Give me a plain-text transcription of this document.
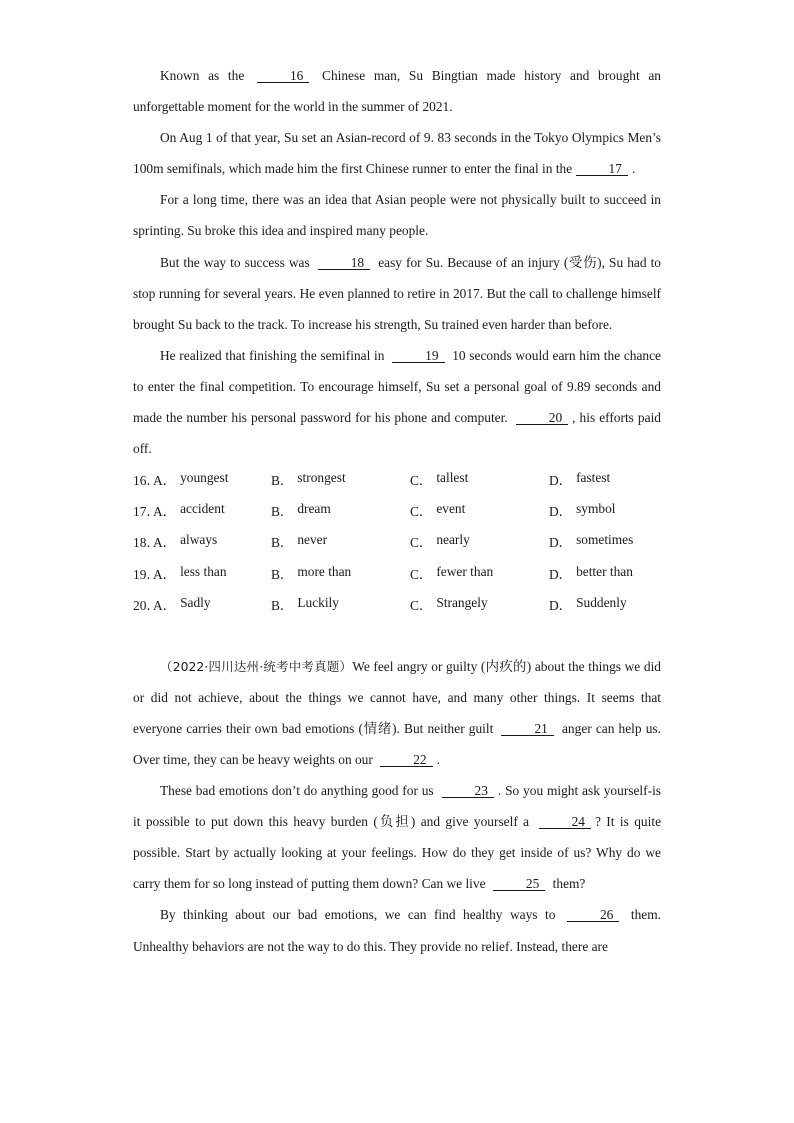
Known as the	16 Chinese man, Su Bingtian made history and brought an unforgettable moment for the world in the summer of 2021.

On Aug 1 of that year, Su set an Asian-record of 9. 83 seconds in the Tokyo Olympics Men’s 100m semifinals, which made him the first Chinese runner to enter the final in the	17 .

For a long time, there was an idea that Asian people were not physically built to succeed in sprinting. Su broke this idea and inspired many people.

But the way to success was	18 easy for Su. Because of an injury (受伤), Su had to stop running for several years. He even planned to retire in 2017. But the call to challenge himself brought Su back to the track. To increase his strength, Su trained even harder than before.

He realized that finishing the semifinal in	19 10 seconds would earn him the chance to enter the final competition. To encourage himself, Su set a personal goal of 9.89 seconds and made the number his personal password for his phone and computer.	20 , his efforts paid off.

16．
A． youngest	B． strongest	C． tallest	D． fastest
17．
A． accident	B． dream	C． event	D． symbol
18．
A． always	B． never	C． nearly	D． sometimes
19．
A． less than	B． more than	C． fewer than	D． better than
20．
A． Sadly	B． Luckily	C． Strangely	D． Suddenly

（2022·四川达州·统考中考真题）We feel angry or guilty (内疚的) about the things we did or did not achieve, about the things we cannot have, and many other things. It seems that everyone carries their own bad emotions (情绪). But neither guilt	21 anger can help us. Over time, they can be heavy weights on our	22 .

These bad emotions don’t do anything good for us	23 . So you might ask yourself-is it possible to put down this heavy burden (负担) and give yourself a	24 ? It is quite possible. Start by actually looking at your feelings. How do they get inside of us? Why do we carry them for so long instead of putting them down? Can we live	25 them?

By thinking about our bad emotions, we can find healthy ways to	26 them. Unhealthy behaviors are not the way to do this. They provide no relief. Instead, there are
